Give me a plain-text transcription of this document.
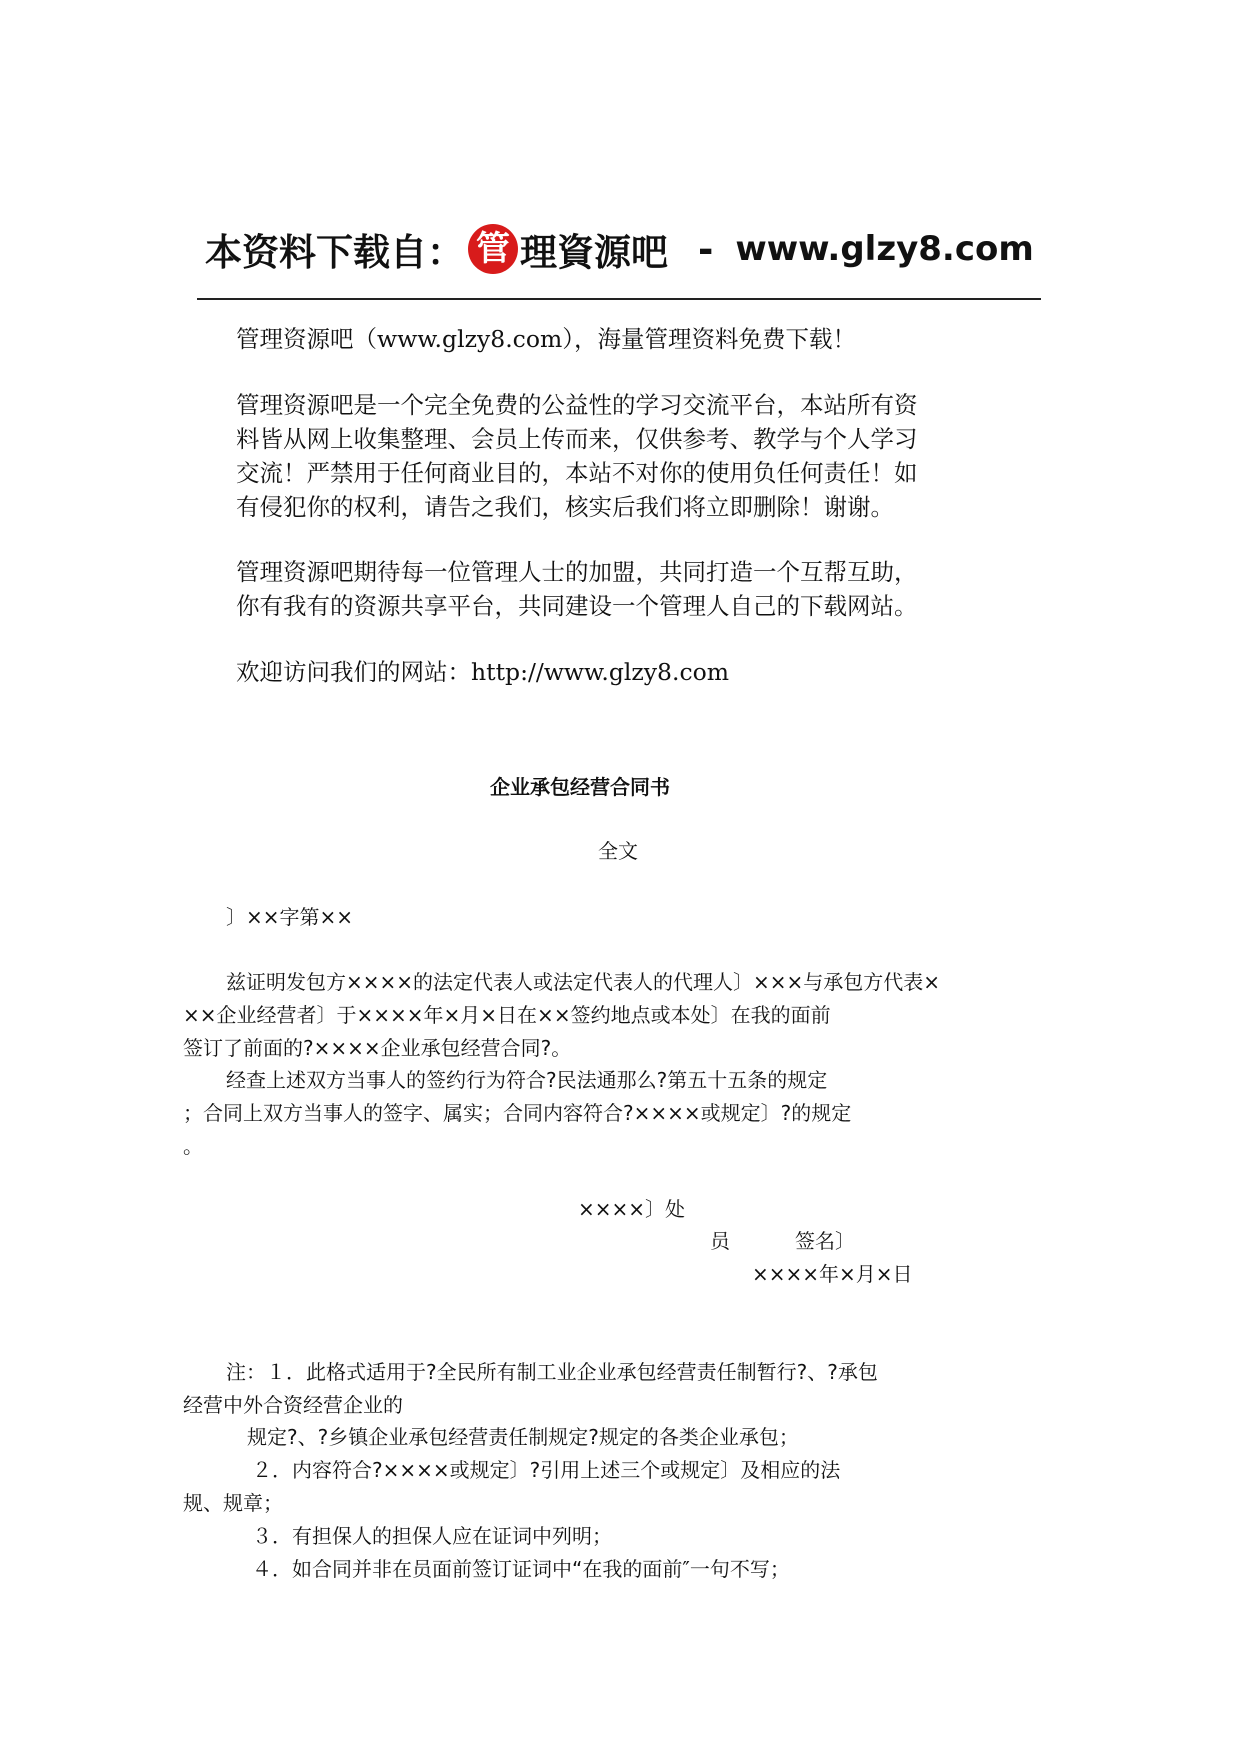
本资料下载自： 管 理資源吧 - www.glzy8.com

管理资源吧（www.glzy8.com），海量管理资料免费下载！

管理资源吧是一个完全免费的公益性的学习交流平台，本站所有资

料皆从网上收集整理、会员上传而来，仅供参考、教学与个人学习

交流！严禁用于任何商业目的，本站不对你的使用负任何责任！如

有侵犯你的权利，请告之我们，核实后我们将立即删除！谢谢。

管理资源吧期待每一位管理人士的加盟，共同打造一个互帮互助，

你有我有的资源共享平台，共同建设一个管理人自己的下载网站。

欢迎访问我们的网站：http://www.glzy8.com

企业承包经营合同书
全文
〕××字第××
兹证明发包方××××的法定代表人或法定代表人的代理人〕×××与承包方代表×
××企业经营者〕于××××年×月×日在××签约地点或本处〕在我的面前
签订了前面的?××××企业承包经营合同?。
经查上述双方当事人的签约行为符合?民法通那么?第五十五条的规定
；合同上双方当事人的签字、属实；合同内容符合?××××或规定〕?的规定
。
××××〕处
员	签名〕
××××年×月×日
注：１．此格式适用于?全民所有制工业企业承包经营责任制暂行?、?承包
经营中外合资经营企业的
规定?、?乡镇企业承包经营责任制规定?规定的各类企业承包；
２．内容符合?××××或规定〕?引用上述三个或规定〕及相应的法
规、规章；
３．有担保人的担保人应在证词中列明；
４．如合同并非在员面前签订证词中“在我的面前″一句不写；
